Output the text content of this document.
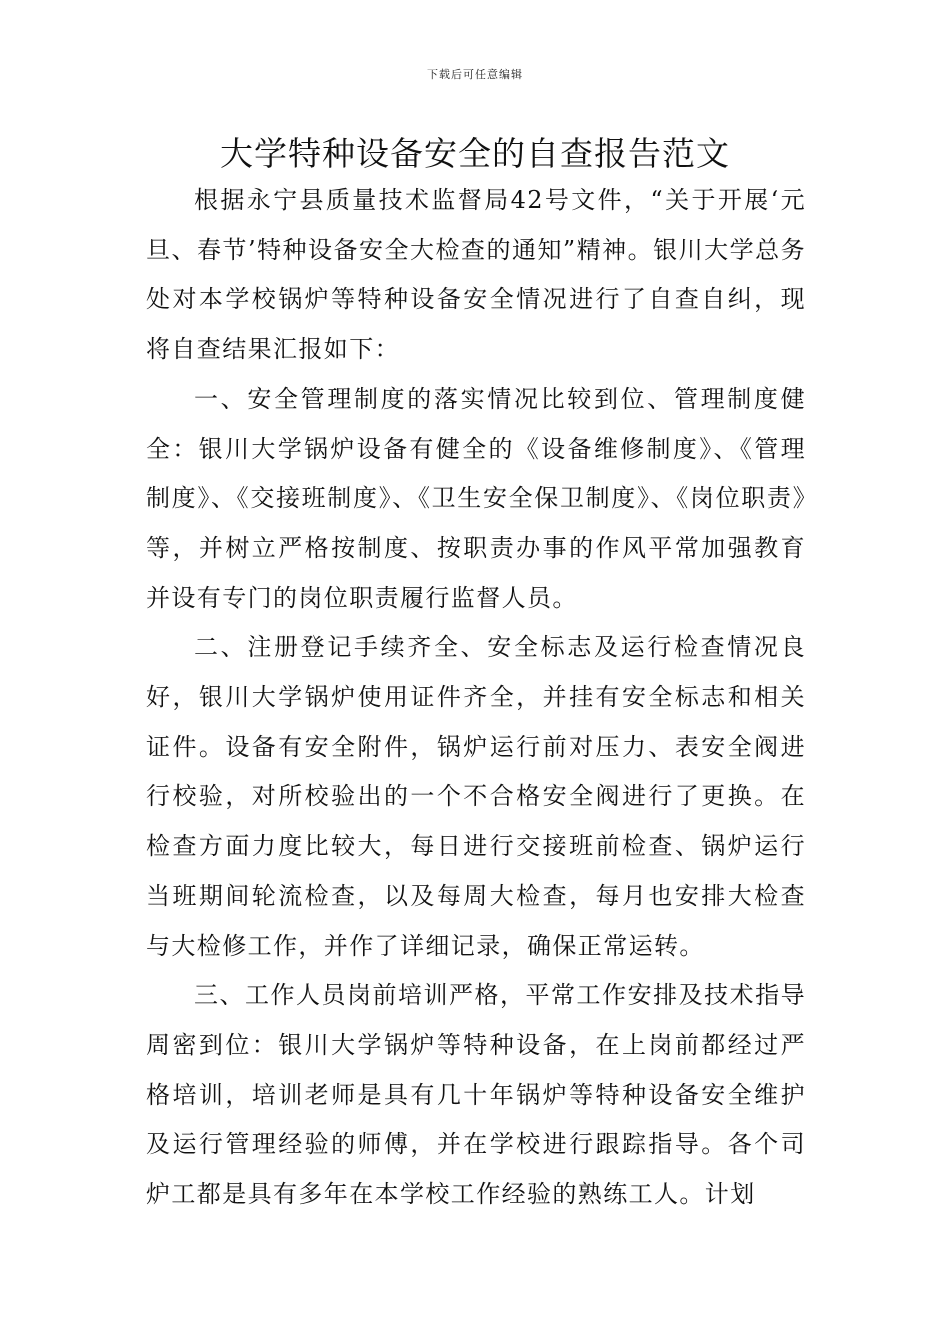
下载后可任意编辑
大学特种设备安全的自查报告范文

根据永宁县质量技术监督局42号文件，“关于开展‘元旦、春节’特种设备安全大检查的通知”精神。银川大学总务处对本学校锅炉等特种设备安全情况进行了自查自纠，现将自查结果汇报如下：

一、安全管理制度的落实情况比较到位、管理制度健全：银川大学锅炉设备有健全的《设备维修制度》、《管理制度》、《交接班制度》、《卫生安全保卫制度》、《岗位职责》等，并树立严格按制度、按职责办事的作风平常加强教育并设有专门的岗位职责履行监督人员。

二、注册登记手续齐全、安全标志及运行检查情况良好，银川大学锅炉使用证件齐全，并挂有安全标志和相关证件。设备有安全附件，锅炉运行前对压力、表安全阀进行校验，对所校验出的一个不合格安全阀进行了更换。在检查方面力度比较大，每日进行交接班前检查、锅炉运行当班期间轮流检查，以及每周大检查，每月也安排大检查与大检修工作，并作了详细记录，确保正常运转。

三、工作人员岗前培训严格，平常工作安排及技术指导周密到位：银川大学锅炉等特种设备，在上岗前都经过严格培训，培训老师是具有几十年锅炉等特种设备安全维护及运行管理经验的师傅，并在学校进行跟踪指导。各个司炉工都是具有多年在本学校工作经验的熟练工人。计划
